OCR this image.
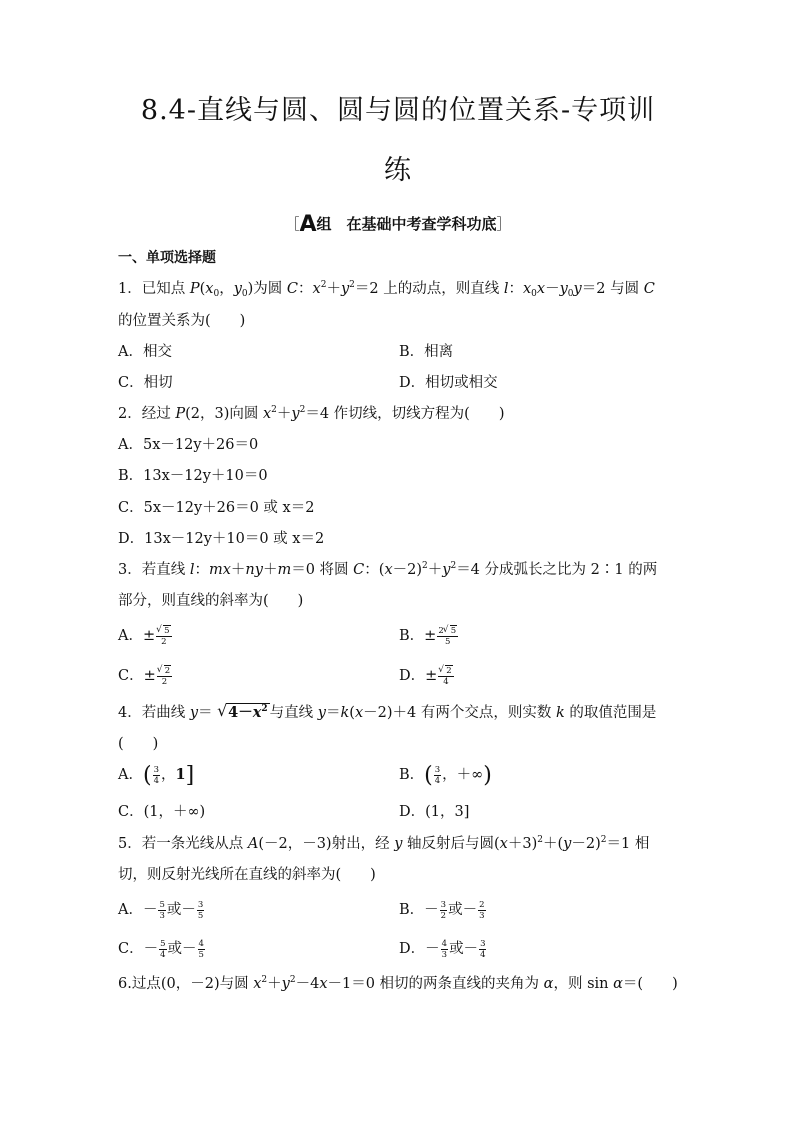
8.4-直线与圆、圆与圆的位置关系-专项训
练
［A组　 在基础中考查学科功底］
一、单项选择题
1．已知点 $P(x_0$，$y_0$)为圆 C：$x^2+y^2=2$ 上的动点，则直线 l：$x_0x-y_0y=2$ 与圆 C
的位置关系为(　　)
A．相交	B．相离
C．相切	D．相切或相交
2．经过 P(2，3)向圆 $x^2+y^2=4$ 作切线，切线方程为(　　)
A．5x－12y＋26＝0
B．13x－12y＋10＝0
C．5x－12y＋26＝0 或 x＝2
D．13x－12y＋10＝0 或 x＝2
3．若直线 l：mx＋ny＋m＝0 将圆 C：$(x-2)^2+y^2=4$ 分成弧长之比为 2∶1 的两
部分，则直线的斜率为(　　)
A．± √ $\frac{5}{2}$	B．± $\frac{2 √ 5}{5}$
C．± √ $\frac{2}{2}$	D．± √ $\frac{2}{4}$
4．若曲线 y＝ √ $4-x^2$ 与直线 y＝k(x－2)＋4 有两个交点，则实数 k 的取值范围是
(　　)
A．( $\frac{3}{4}$ ，1]	B．( $\frac{3}{4}$ ，＋∞)
C．(1，＋∞)	D．(1，3]
5．若一条光线从点 A(－2，－3)射出，经 y 轴反射后与圆$(x+3)^2+(y-2)^2=1$ 相
切，则反射光线所在直线的斜率为(　　)
A．－ $\frac{5}{3}$ 或－ $\frac{3}{5}$	B．－ $\frac{3}{2}$ 或－ $\frac{2}{3}$
C．－ $\frac{5}{4}$ 或－ $\frac{4}{5}$	D．－ $\frac{4}{3}$ 或－ $\frac{3}{4}$
6.过点(0，－2)与圆 $x^2+y^2-4x-1=0$ 相切的两条直线的夹角为 α，则 sin α＝(　　)
